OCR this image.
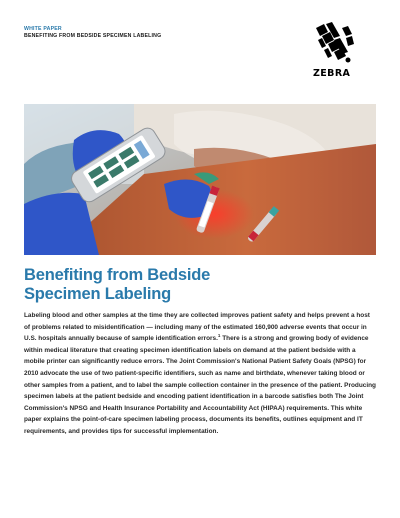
WHITE PAPER
BENEFITING FROM BEDSIDE SPECIMEN LABELING
ZEBRA
Benefiting from Bedside
Specimen Labeling
Labeling blood and other samples at the time they are collected improves patient safety and helps prevent a host of problems related to misidentification — including many of the estimated 160,900 adverse events that occur in U.S. hospitals annually because of sample identification errors.$^1$ There is a strong and growing body of evidence within medical literature that creating specimen identification labels on demand at the patient bedside with a mobile printer can significantly reduce errors. The Joint Commission's National Patient Safety Goals (NPSG) for 2010 advocate the use of two patient-specific identifiers, such as name and birthdate, whenever taking blood or other samples from a patient, and to label the sample collection container in the presence of the patient. Producing specimen labels at the patient bedside and encoding patient identification in a barcode satisfies both The Joint Commission's NPSG and Health Insurance Portability and Accountability Act (HIPAA) requirements. This white paper explains the point-of-care specimen labeling process, documents its benefits, outlines equipment and IT requirements, and provides tips for successful implementation.
